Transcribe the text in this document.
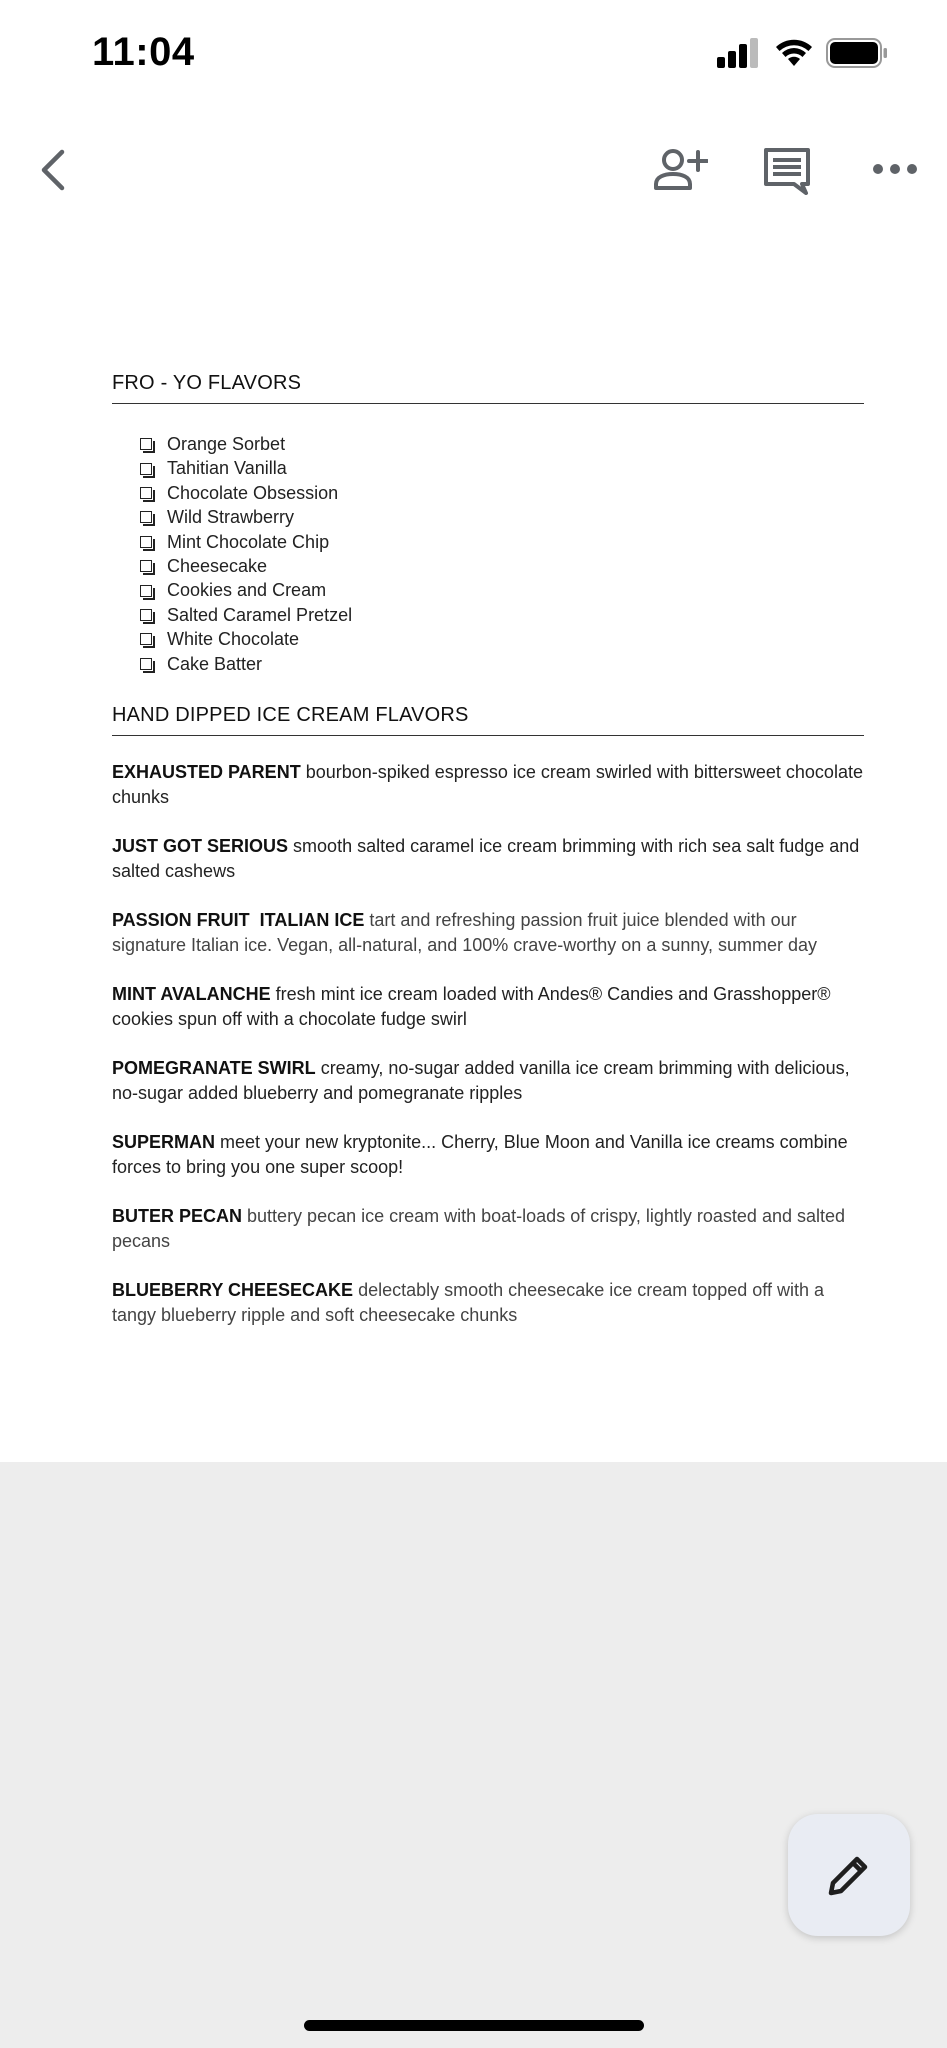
11:04
FRO - YO FLAVORS
Orange Sorbet
Tahitian Vanilla
Chocolate Obsession
Wild Strawberry
Mint Chocolate Chip
Cheesecake
Cookies and Cream
Salted Caramel Pretzel
White Chocolate
Cake Batter
HAND DIPPED ICE CREAM FLAVORS

EXHAUSTED PARENT bourbon-spiked espresso ice cream swirled with bittersweet chocolate chunks

JUST GOT SERIOUS smooth salted caramel ice cream brimming with rich sea salt fudge and salted cashews

PASSION FRUIT  ITALIAN ICE tart and refreshing passion fruit juice blended with our signature Italian ice. Vegan, all-natural, and 100% crave-worthy on a sunny, summer day

MINT AVALANCHE fresh mint ice cream loaded with Andes® Candies and Grasshopper® cookies spun off with a chocolate fudge swirl

POMEGRANATE SWIRL creamy, no-sugar added vanilla ice cream brimming with delicious, no-sugar added blueberry and pomegranate ripples

SUPERMAN meet your new kryptonite... Cherry, Blue Moon and Vanilla ice creams combine forces to bring you one super scoop!

BUTER PECAN buttery pecan ice cream with boat-loads of crispy, lightly roasted and salted pecans

BLUEBERRY CHEESECAKE delectably smooth cheesecake ice cream topped off with a tangy blueberry ripple and soft cheesecake chunks
